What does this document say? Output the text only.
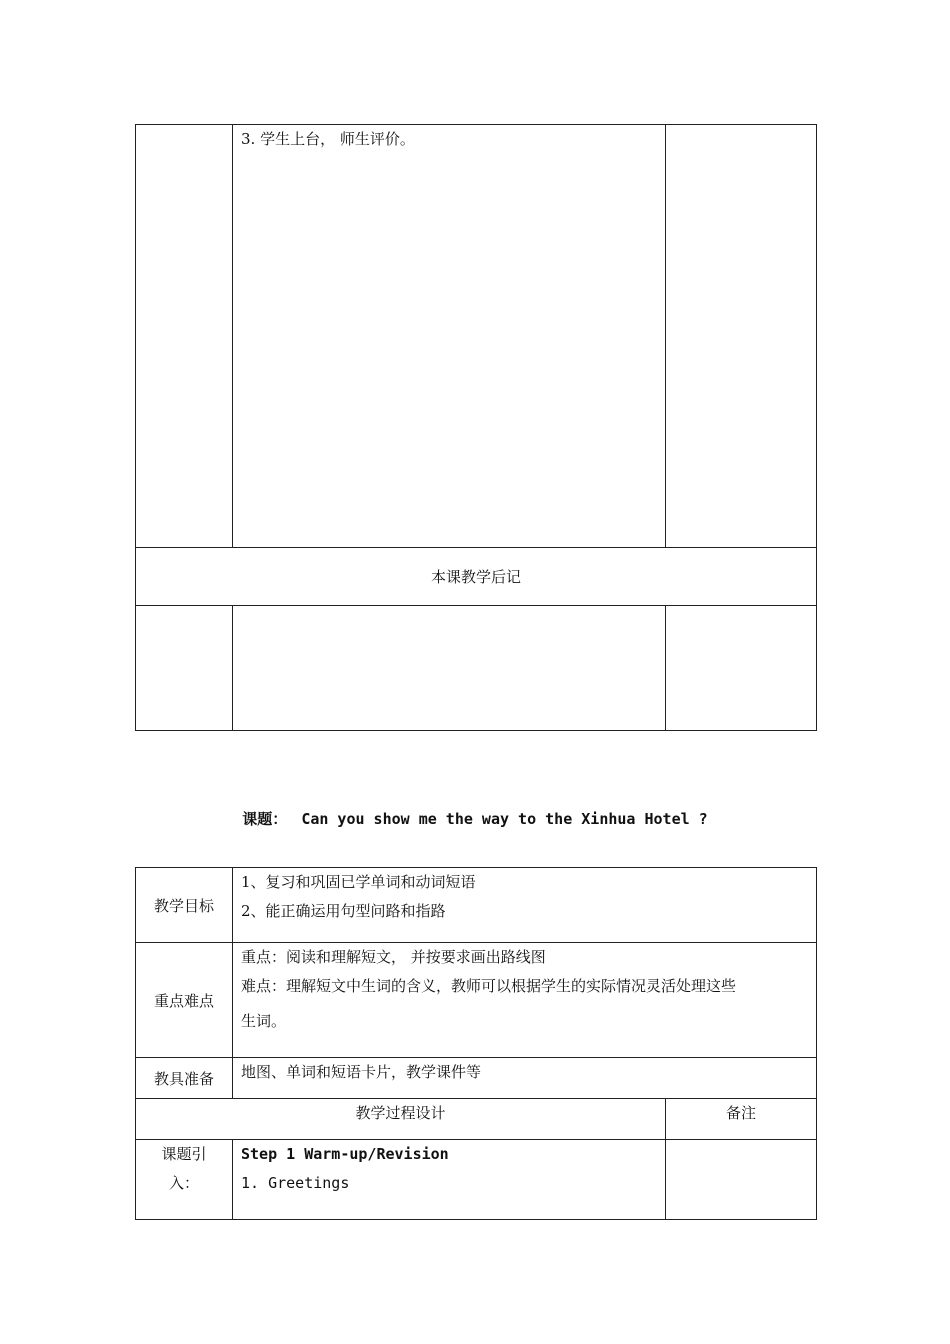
	3. 学生上台， 师生评价。	

本课教学后记		

课题： Can you show me the way to the Xinhua Hotel ?
教学目标	1、复习和巩固已学单词和动词短语
2、能正确运用句型问路和指路	

重点难点	重点：阅读和理解短文， 并按要求画出路线图
难点：理解短文中生词的含义，教师可以根据学生的实际情况灵活处理这些
生词。	

教具准备	地图、单词和短语卡片，教学课件等	

教学过程设计		备注

课题引
入：	Step 1 Warm-up/Revision
1. Greetings	
